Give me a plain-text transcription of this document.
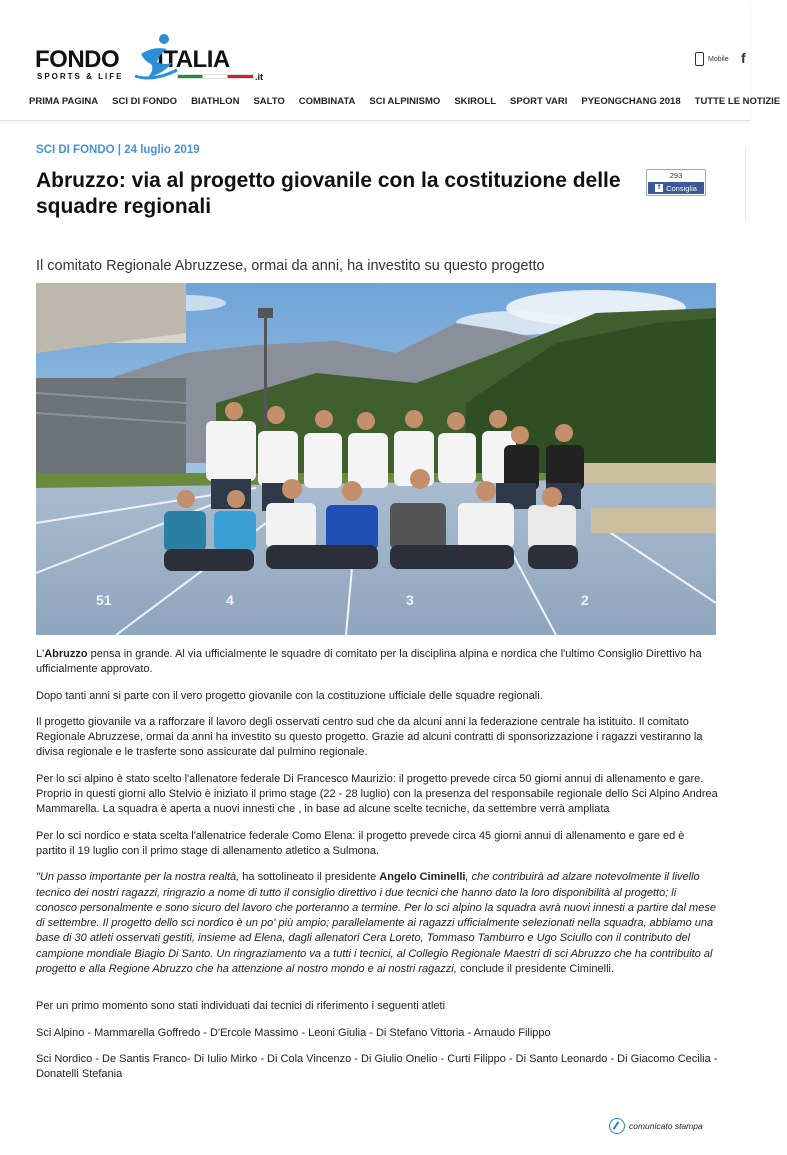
FONDO ITALIA
SPORTS & LIFE	.it
Mobile f
PRIMA PAGINA	SCI DI FONDO	BIATHLON	SALTO	COMBINATA	SCI ALPINISMO	SKIROLL	SPORT VARI	PYEONGCHANG 2018	TUTTE LE NOTIZIE
SCI DI FONDO | 24 luglio 2019
Abruzzo: via al progetto giovanile con la costituzione delle squadre regionali
293
f Consiglia
Il comitato Regionale Abruzzese, ormai da anni, ha investito su questo progetto
51	4	3	2

L'Abruzzo pensa in grande. Al via ufficialmente le squadre di comitato per la disciplina alpina e nordica che l'ultimo Consiglio Direttivo ha ufficialmente approvato.

Dopo tanti anni si parte con il vero progetto giovanile con la costituzione ufficiale delle squadre regionali.

Il progetto giovanile va a rafforzare il lavoro degli osservati centro sud che da alcuni anni la federazione centrale ha istituito. Il comitato Regionale Abruzzese, ormai da anni ha investito su questo progetto. Grazie ad alcuni contratti di sponsorizzazione i ragazzi vestiranno la divisa regionale e le trasferte sono assicurate dal pulmino regionale.

Per lo sci alpino è stato scelto l'allenatore federale Di Francesco Maurizio: il progetto prevede circa 50 giorni annui di allenamento e gare. Proprio in questi giorni allo Stelvio è iniziato il primo stage (22 - 28 luglio) con la presenza del responsabile regionale dello Sci Alpino Andrea Mammarella. La squadra è aperta a nuovi innesti che , in base ad alcune scelte tecniche, da settembre verrà ampliata

Per lo sci nordico e stata scelta l'allenatrice federale Como Elena: il progetto prevede circa 45 giorni annui di allenamento e gare ed è partito il 19 luglio con il primo stage di allenamento atletico a Sulmona.

"Un passo importante per la nostra realtà, ha sottolineato il presidente Angelo Ciminelli, che contribuirà ad alzare notevolmente il livello tecnico dei nostri ragazzi, ringrazio a nome di tutto il consiglio direttivo i due tecnici che hanno dato la loro disponibilità al progetto; li conosco personalmente e sono sicuro del lavoro che porteranno a termine. Per lo sci alpino la squadra avrà nuovi innesti a partire dal mese di settembre. Il progetto dello sci nordico è un po' più ampio; parallelamente ai ragazzi ufficialmente selezionati nella squadra, abbiamo una base di 30 atleti osservati gestiti, insieme ad Elena, dagli allenatori Cera Loreto, Tommaso Tamburro e Ugo Sciullo con il contributo del campione mondiale Biagio Di Santo. Un ringraziamento va a tutti i tecnici, al Collegio Regionale Maestri di sci Abruzzo che ha contribuito al progetto e alla Regione Abruzzo che ha attenzione al nostro mondo e ai nostri ragazzi, conclude il presidente Ciminelli.

Per un primo momento sono stati individuati dai tecnici di riferimento i seguenti atleti

Sci Alpino - Mammarella Goffredo - D'Ercole Massimo - Leoni Giulia - Di Stefano Vittoria - Arnaudo Filippo

Sci Nordico - De Santis Franco- Di Iulio Mirko - Di Cola Vincenzo - Di Giulio Onelio - Curti Filippo - Di Santo Leonardo - Di Giacomo Cecilia - Donatelli Stefania

comunicato stampa
